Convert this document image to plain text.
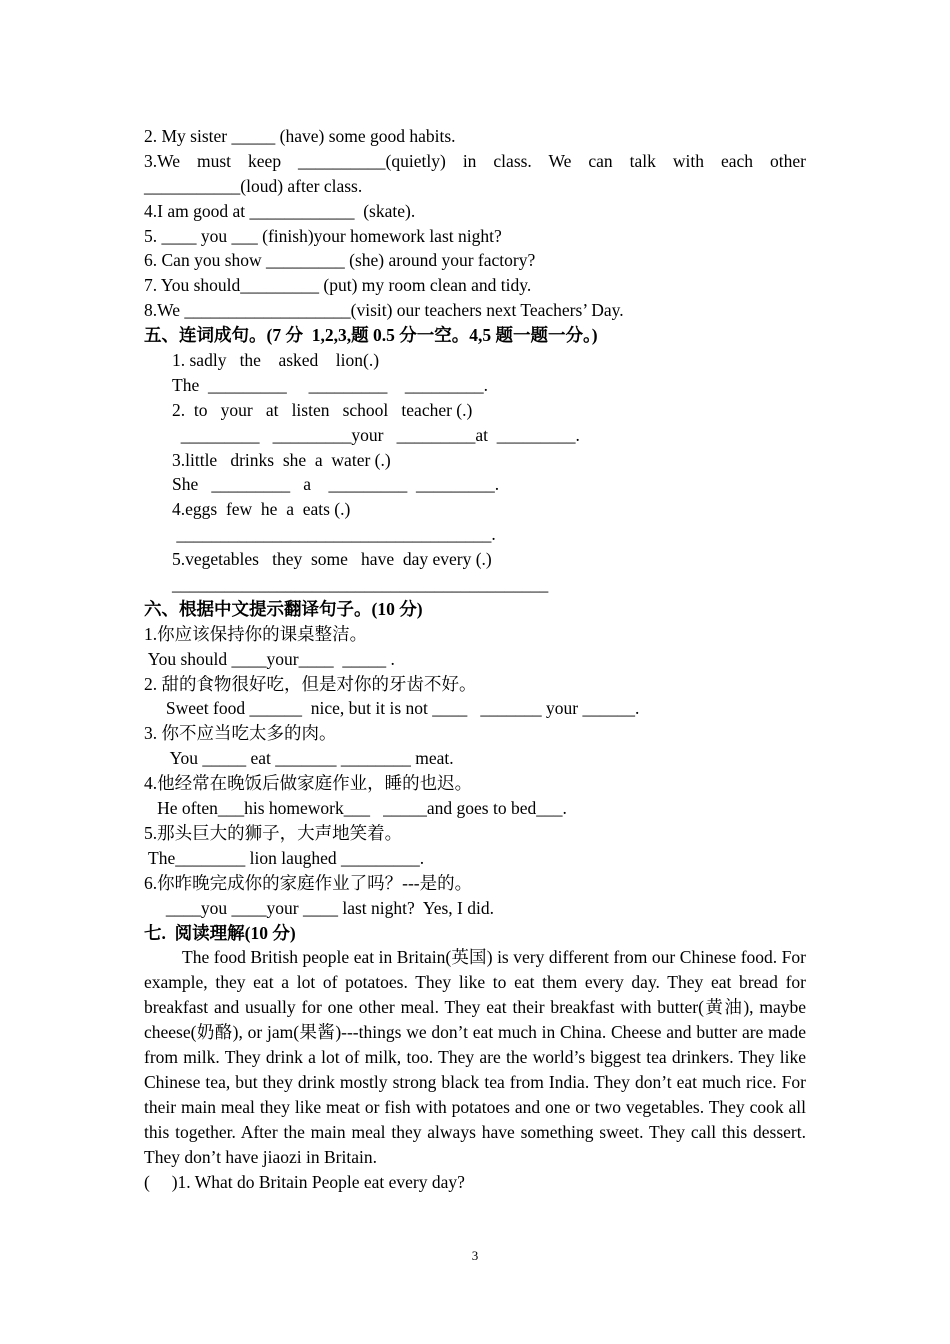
2. My sister _____ (have) some good habits.
3.We must keep __________(quietly) in class. We can talk with each other
___________(loud) after class.
4.I am good at ____________  (skate).
5. ____ you ___ (finish)your homework last night?
6. Can you show _________ (she) around your factory?
7. You should_________ (put) my room clean and tidy.
8.We ___________________(visit) our teachers next Teachers’ Day.
五、连词成句。(7 分  1,2,3,题 0.5 分一空。4,5 题一题一分。)
1. sadly   the    asked    lion(.)
The  _________     _________    _________.
2.  to   your   at   listen   school   teacher (.)
_________   _________your   _________at  _________.
3.little   drinks  she  a  water (.)
She   _________   a    _________  _________.
4.eggs  few  he  a  eats (.)
____________________________________.
5.vegetables   they  some   have  day every (.)
___________________________________________
六、根据中文提示翻译句子。(10 分)
1.你应该保持你的课桌整洁。
You should ____your____  _____ .
2. 甜的食物很好吃，但是对你的牙齿不好。
Sweet food ______  nice, but it is not ____   _______ your ______.
3. 你不应当吃太多的肉。
You _____ eat _______ ________ meat.
4.他经常在晚饭后做家庭作业，睡的也迟。
He often___his homework___   _____and goes to bed___.
5.那头巨大的狮子，大声地笑着。
The________ lion laughed _________.
6.你昨晚完成你的家庭作业了吗？---是的。
____you ____your ____ last night?  Yes, I did.
七.  阅读理解(10 分)
The food British people eat in Britain(英国) is very different from our Chinese food. For example, they eat a lot of potatoes. They like to eat them every day. They eat bread for breakfast and usually for one other meal. They eat their breakfast with butter(黄油), maybe cheese(奶酪), or jam(果酱)---things we don’t eat much in China. Cheese and butter are made from milk. They drink a lot of milk, too. They are the world’s biggest tea drinkers. They like Chinese tea, but they drink mostly strong black tea from India. They don’t eat much rice. For their main meal they like meat or fish with potatoes and one or two vegetables. They cook all this together. After the main meal they always have something sweet. They call this dessert. They don’t have jiaozi in Britain.
(     )1. What do Britain People eat every day?
3
